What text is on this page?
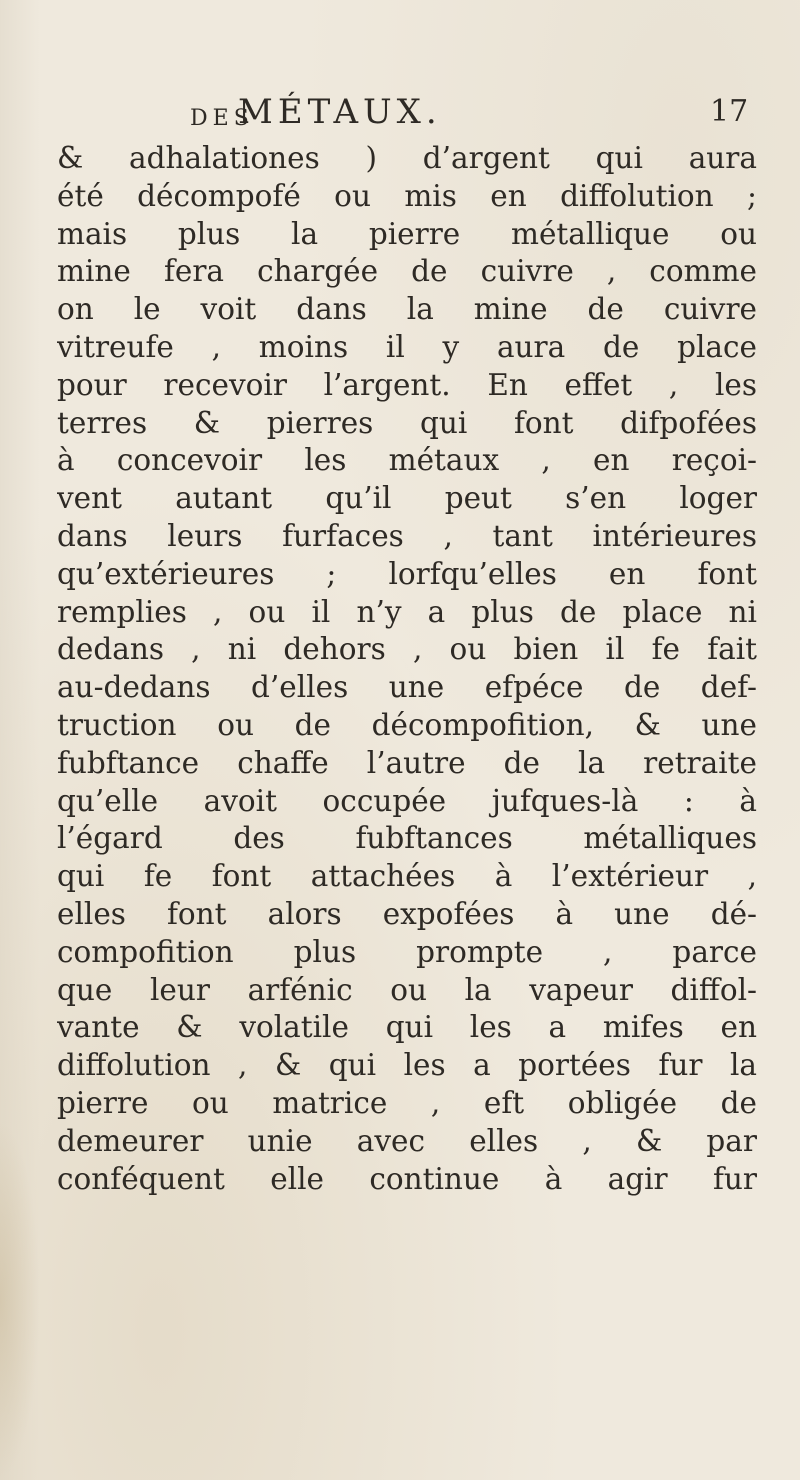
DES
MÉTAUX.	17
& adhalationes ) d’argent qui aura
été décompofé ou mis en diffolution ;
mais plus la pierre métallique ou
mine fera chargée de cuivre , comme
on le voit dans la mine de cuivre
vitreufe , moins il y aura de place
pour recevoir l’argent. En effet , les
terres & pierres qui font difpofées
à concevoir les métaux , en reçoi-
vent autant qu’il peut s’en loger
dans leurs furfaces , tant intérieures
qu’extérieures ; lorfqu’elles en font
remplies , ou il n’y a plus de place ni
dedans , ni dehors , ou bien il fe fait
au-dedans d’elles une efpéce de def-
truction ou de décompofition, & une
fubftance chaffe l’autre de la retraite
qu’elle avoit occupée jufques-là : à
l’égard des fubftances métalliques
qui fe font attachées à l’extérieur ,
elles font alors expofées à une dé-
compofition plus prompte , parce
que leur arfénic ou la vapeur diffol-
vante & volatile qui les a mifes en
diffolution , & qui les a portées fur la
pierre ou matrice , eft obligée de
demeurer unie avec elles , & par
conféquent elle continue à agir fur
